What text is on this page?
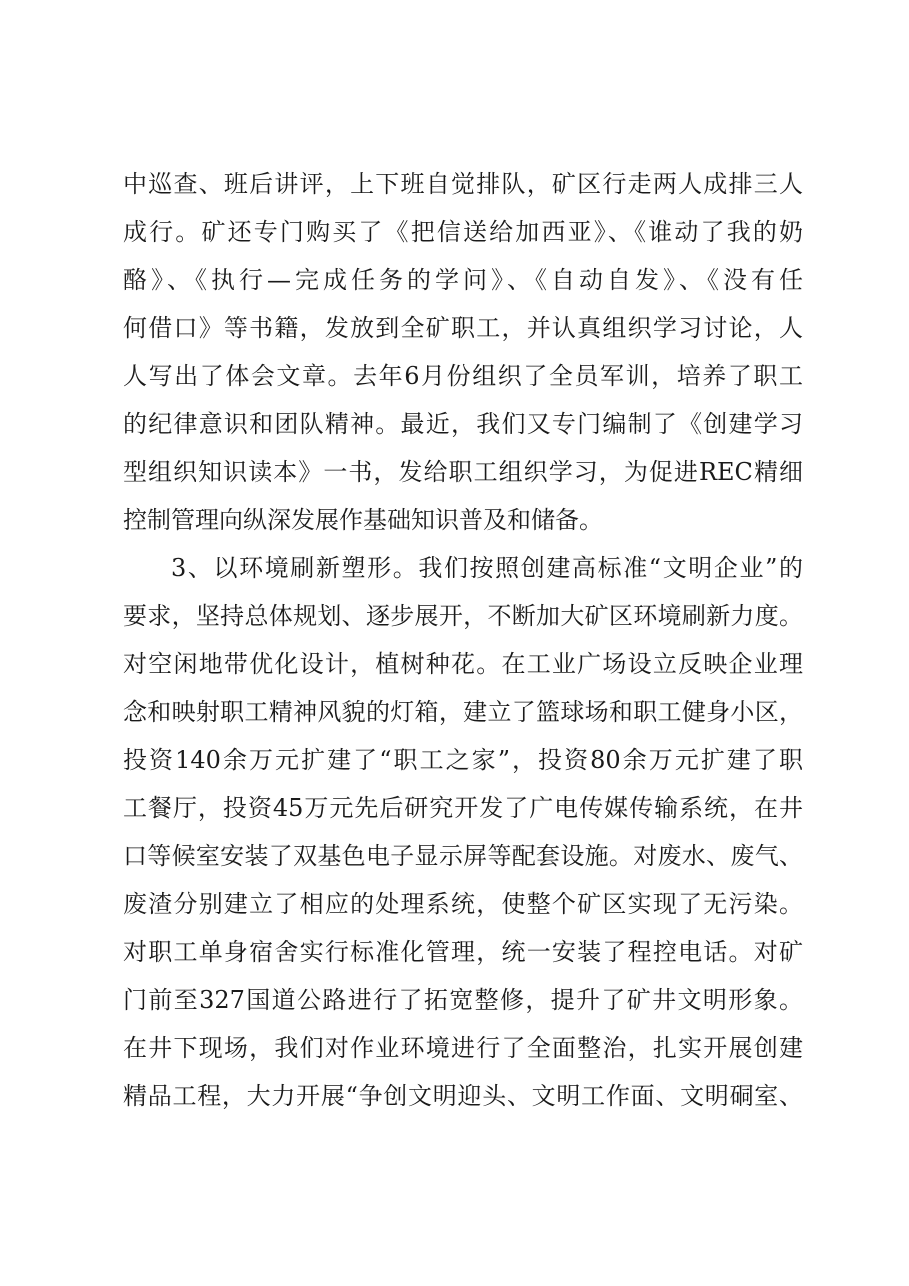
中巡查、班后讲评，上下班自觉排队，矿区行走两人成排三人
成行。矿还专门购买了《把信送给加西亚》、《谁动了我的奶
酪》、《执行—完成任务的学问》、《自动自发》、《没有任
何借口》等书籍，发放到全矿职工，并认真组织学习讨论，人
人写出了体会文章。去年6月份组织了全员军训，培养了职工
的纪律意识和团队精神。最近，我们又专门编制了《创建学习
型组织知识读本》一书，发给职工组织学习，为促进REC精细
控制管理向纵深发展作基础知识普及和储备。
3、以环境刷新塑形。我们按照创建高标准“文明企业”的
要求，坚持总体规划、逐步展开，不断加大矿区环境刷新力度。
对空闲地带优化设计，植树种花。在工业广场设立反映企业理
念和映射职工精神风貌的灯箱，建立了篮球场和职工健身小区，
投资140余万元扩建了“职工之家”，投资80余万元扩建了职
工餐厅，投资45万元先后研究开发了广电传媒传输系统，在井
口等候室安装了双基色电子显示屏等配套设施。对废水、废气、
废渣分别建立了相应的处理系统，使整个矿区实现了无污染。
对职工单身宿舍实行标准化管理，统一安装了程控电话。对矿
门前至327国道公路进行了拓宽整修，提升了矿井文明形象。
在井下现场，我们对作业环境进行了全面整治，扎实开展创建
精品工程，大力开展“争创文明迎头、文明工作面、文明硐室、
